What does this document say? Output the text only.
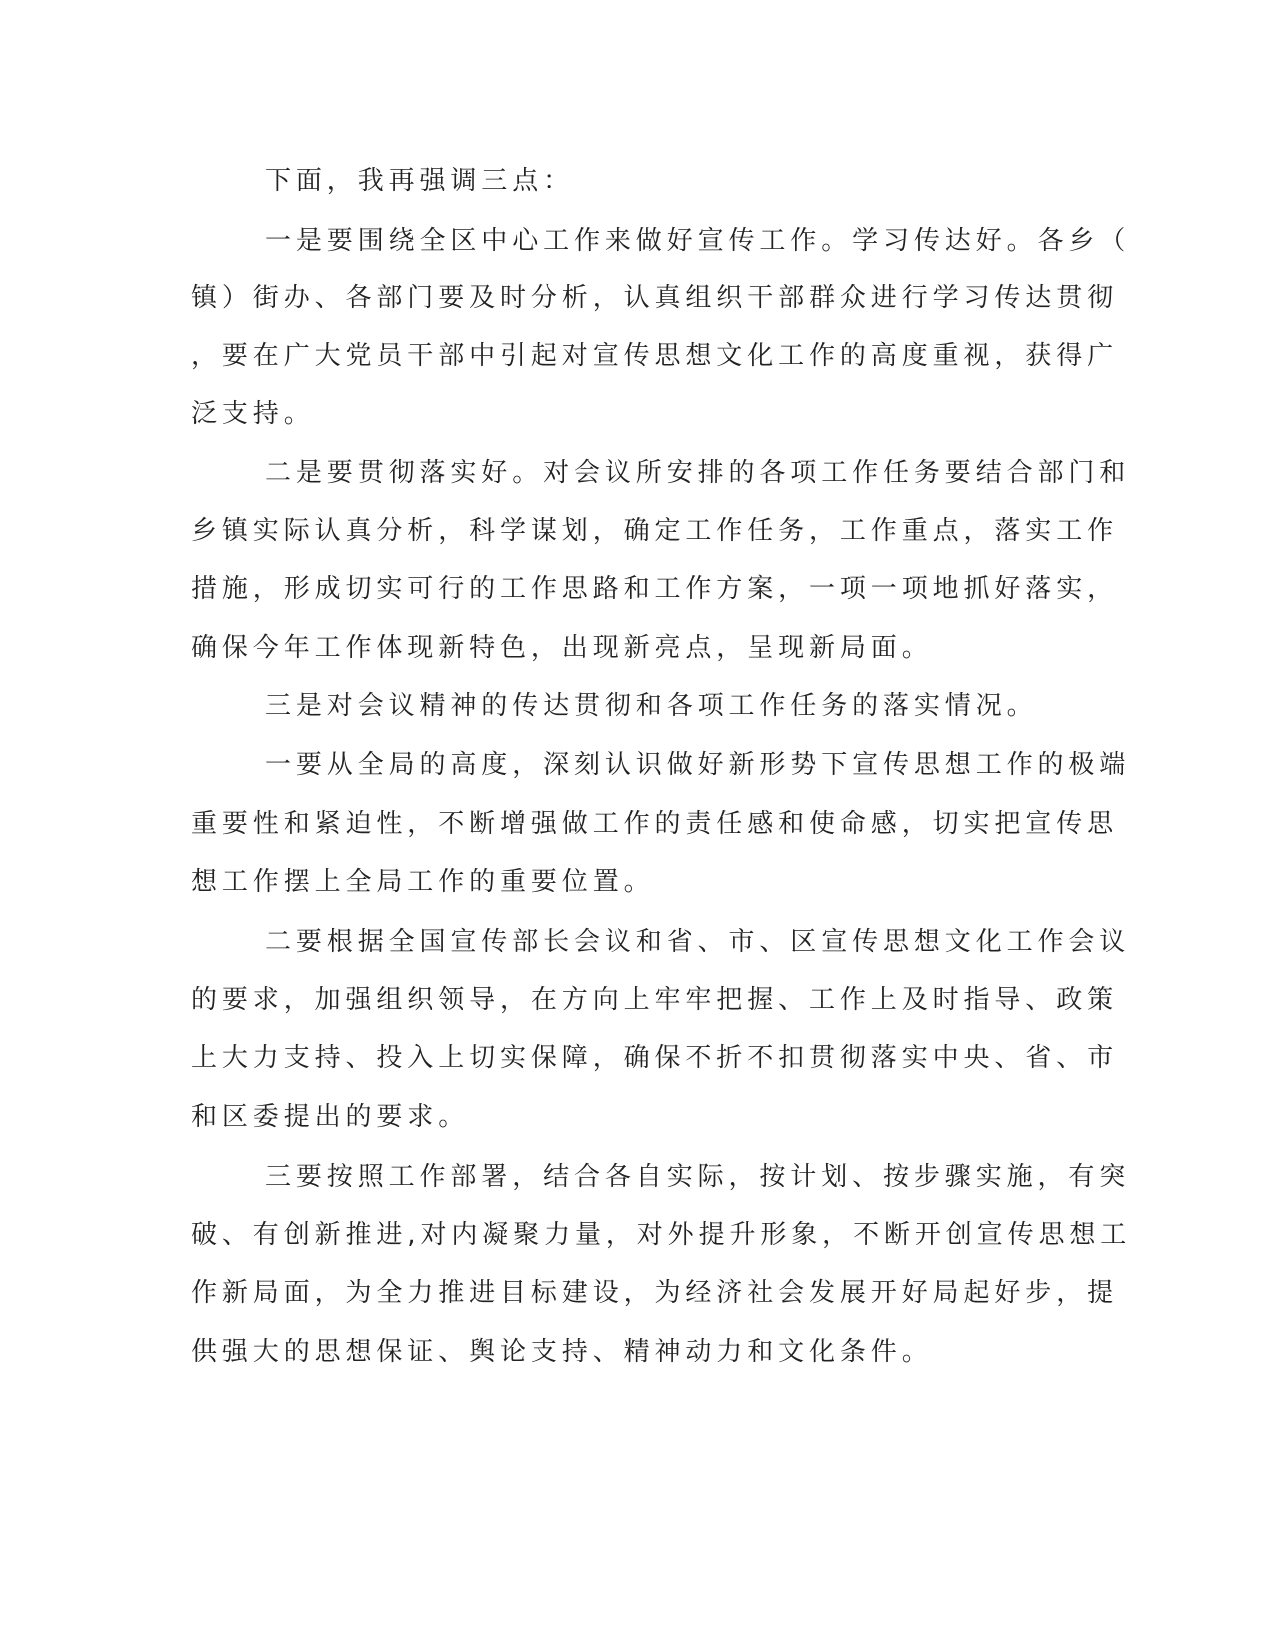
下面，我再强调三点：
一是要围绕全区中心工作来做好宣传工作。学习传达好。各乡（
镇）街办、各部门要及时分析，认真组织干部群众进行学习传达贯彻
，要在广大党员干部中引起对宣传思想文化工作的高度重视，获得广
泛支持。
二是要贯彻落实好。对会议所安排的各项工作任务要结合部门和
乡镇实际认真分析，科学谋划，确定工作任务，工作重点，落实工作
措施，形成切实可行的工作思路和工作方案，一项一项地抓好落实，
确保今年工作体现新特色，出现新亮点，呈现新局面。
三是对会议精神的传达贯彻和各项工作任务的落实情况。
一要从全局的高度，深刻认识做好新形势下宣传思想工作的极端
重要性和紧迫性，不断增强做工作的责任感和使命感，切实把宣传思
想工作摆上全局工作的重要位置。
二要根据全国宣传部长会议和省、市、区宣传思想文化工作会议
的要求，加强组织领导，在方向上牢牢把握、工作上及时指导、政策
上大力支持、投入上切实保障，确保不折不扣贯彻落实中央、省、市
和区委提出的要求。
三要按照工作部署，结合各自实际，按计划、按步骤实施，有突
破、有创新推进,对内凝聚力量，对外提升形象，不断开创宣传思想工
作新局面，为全力推进目标建设，为经济社会发展开好局起好步，提
供强大的思想保证、舆论支持、精神动力和文化条件。
